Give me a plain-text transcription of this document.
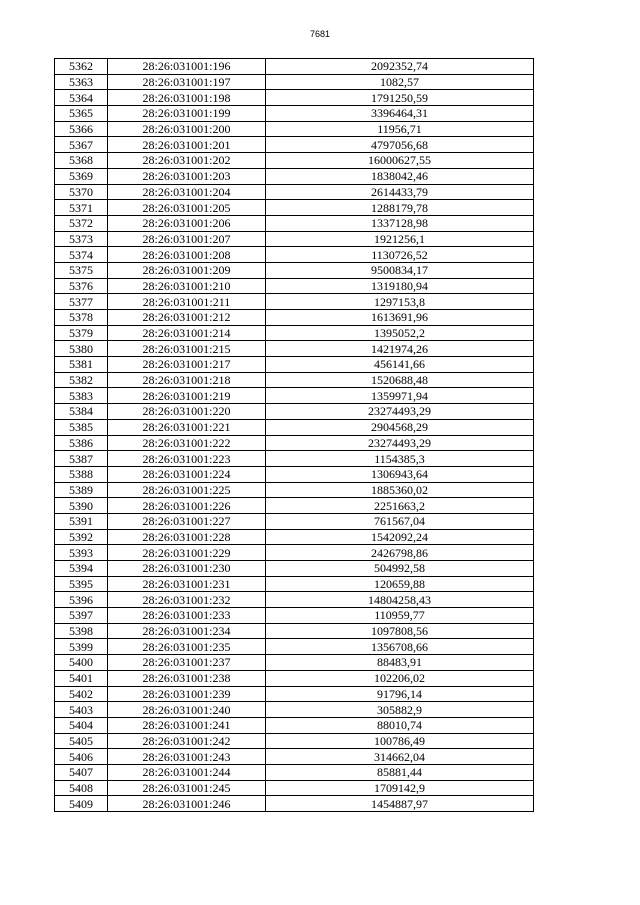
7681
5362	28:26:031001:196	2092352,74
5363	28:26:031001:197	1082,57
5364	28:26:031001:198	1791250,59
5365	28:26:031001:199	3396464,31
5366	28:26:031001:200	11956,71
5367	28:26:031001:201	4797056,68
5368	28:26:031001:202	16000627,55
5369	28:26:031001:203	1838042,46
5370	28:26:031001:204	2614433,79
5371	28:26:031001:205	1288179,78
5372	28:26:031001:206	1337128,98
5373	28:26:031001:207	1921256,1
5374	28:26:031001:208	1130726,52
5375	28:26:031001:209	9500834,17
5376	28:26:031001:210	1319180,94
5377	28:26:031001:211	1297153,8
5378	28:26:031001:212	1613691,96
5379	28:26:031001:214	1395052,2
5380	28:26:031001:215	1421974,26
5381	28:26:031001:217	456141,66
5382	28:26:031001:218	1520688,48
5383	28:26:031001:219	1359971,94
5384	28:26:031001:220	23274493,29
5385	28:26:031001:221	2904568,29
5386	28:26:031001:222	23274493,29
5387	28:26:031001:223	1154385,3
5388	28:26:031001:224	1306943,64
5389	28:26:031001:225	1885360,02
5390	28:26:031001:226	2251663,2
5391	28:26:031001:227	761567,04
5392	28:26:031001:228	1542092,24
5393	28:26:031001:229	2426798,86
5394	28:26:031001:230	504992,58
5395	28:26:031001:231	120659,88
5396	28:26:031001:232	14804258,43
5397	28:26:031001:233	110959,77
5398	28:26:031001:234	1097808,56
5399	28:26:031001:235	1356708,66
5400	28:26:031001:237	88483,91
5401	28:26:031001:238	102206,02
5402	28:26:031001:239	91796,14
5403	28:26:031001:240	305882,9
5404	28:26:031001:241	88010,74
5405	28:26:031001:242	100786,49
5406	28:26:031001:243	314662,04
5407	28:26:031001:244	85881,44
5408	28:26:031001:245	1709142,9
5409	28:26:031001:246	1454887,97
